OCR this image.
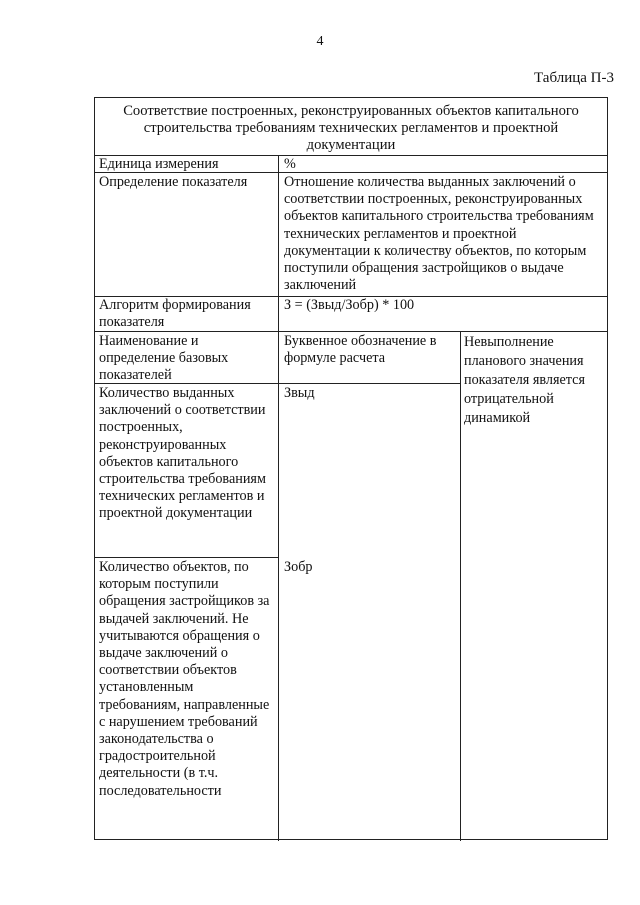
4
Таблица П-3
Соответствие построенных, реконструированных объектов капитального строительства требованиям технических регламентов и проектной документации
Единица измерения	%
Определение показателя	Отношение количества выданных заключений о соответствии построенных, реконструированных объектов капитального строительства требованиям технических регламентов и проектной документации к количеству объектов, по которым поступили обращения застройщиков о выдаче заключений
Алгоритм формирования показателя
З = (Звыд/Зобр) * 100
Наименование и определение базовых показателей
Буквенное обозначение в формуле расчета
Невыполнение планового значения показателя является отрицательной динамикой
Количество выданных заключений о соответствии построенных, реконструированных объектов капитального строительства требованиям технических регламентов и проектной документации
Звыд
Количество объектов, по которым поступили обращения застройщиков за выдачей заключений. Не учитываются обращения о выдаче заключений о соответствии объектов установленным требованиям, направленные с нарушением требований законодательства о градостроительной деятельности (в т.ч. последовательности
Зобр
